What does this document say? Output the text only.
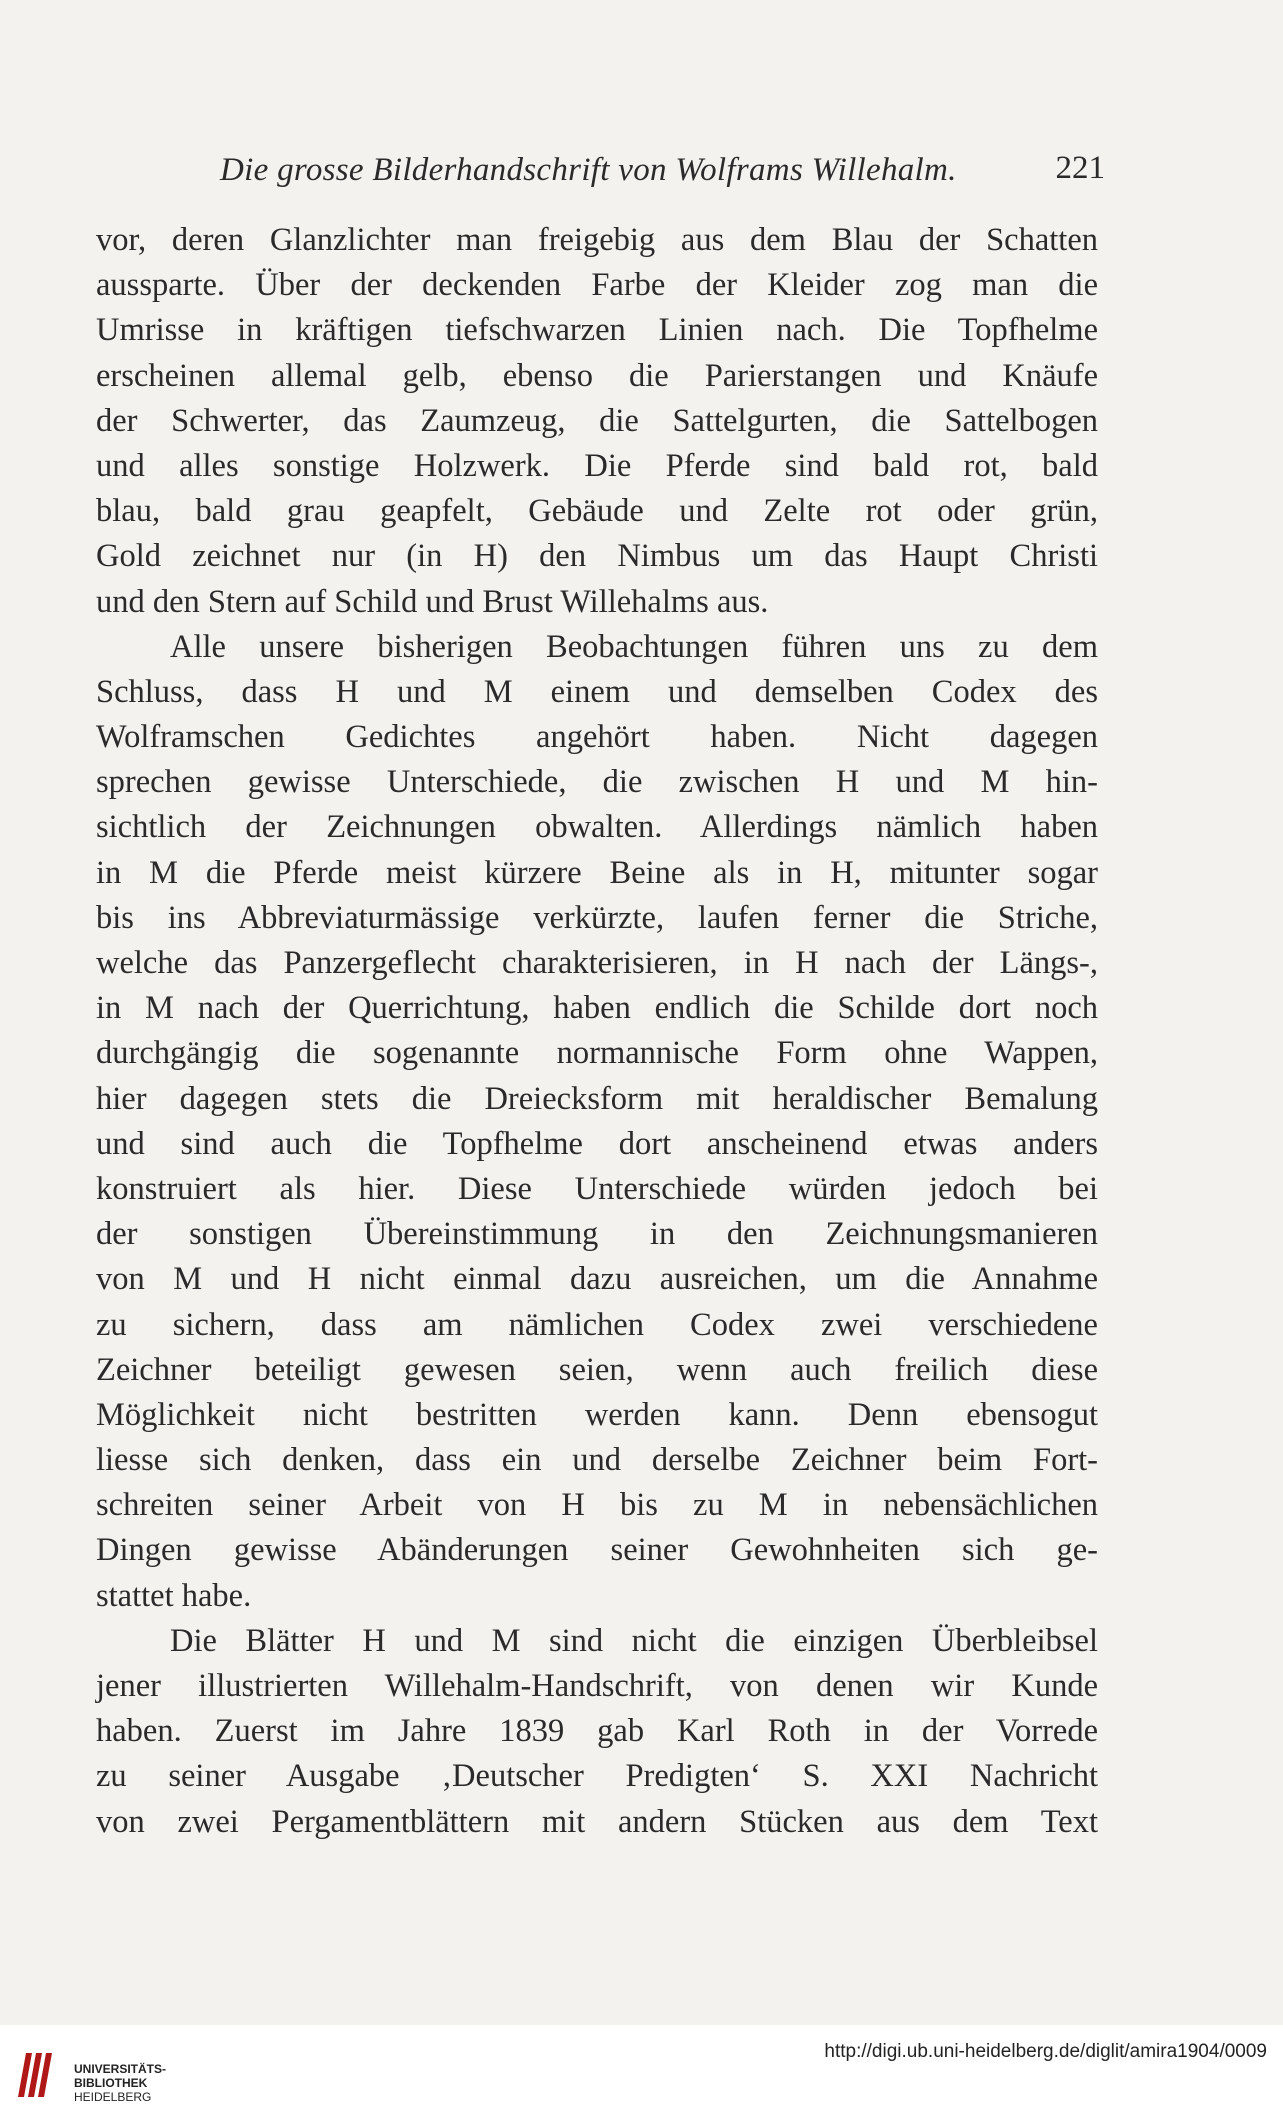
Die grosse Bilderhandschrift von Wolframs Willehalm.	221
vor, deren Glanzlichter man freigebig aus dem Blau der Schatten
aussparte. Über der deckenden Farbe der Kleider zog man die
Umrisse in kräftigen tiefschwarzen Linien nach. Die Topfhelme
erscheinen allemal gelb, ebenso die Parierstangen und Knäufe
der Schwerter, das Zaumzeug, die Sattelgurten, die Sattelbogen
und alles sonstige Holzwerk. Die Pferde sind bald rot, bald
blau, bald grau geapfelt, Gebäude und Zelte rot oder grün,
Gold zeichnet nur (in H) den Nimbus um das Haupt Christi
und den Stern auf Schild und Brust Willehalms aus.
Alle unsere bisherigen Beobachtungen führen uns zu dem
Schluss, dass H und M einem und demselben Codex des
Wolframschen Gedichtes angehört haben. Nicht dagegen
sprechen gewisse Unterschiede, die zwischen H und M hin-
sichtlich der Zeichnungen obwalten. Allerdings nämlich haben
in M die Pferde meist kürzere Beine als in H, mitunter sogar
bis ins Abbreviaturmässige verkürzte, laufen ferner die Striche,
welche das Panzergeflecht charakterisieren, in H nach der Längs-,
in M nach der Querrichtung, haben endlich die Schilde dort noch
durchgängig die sogenannte normannische Form ohne Wappen,
hier dagegen stets die Dreiecksform mit heraldischer Bemalung
und sind auch die Topfhelme dort anscheinend etwas anders
konstruiert als hier. Diese Unterschiede würden jedoch bei
der sonstigen Übereinstimmung in den Zeichnungsmanieren
von M und H nicht einmal dazu ausreichen, um die Annahme
zu sichern, dass am nämlichen Codex zwei verschiedene
Zeichner beteiligt gewesen seien, wenn auch freilich diese
Möglichkeit nicht bestritten werden kann. Denn ebensogut
liesse sich denken, dass ein und derselbe Zeichner beim Fort-
schreiten seiner Arbeit von H bis zu M in nebensächlichen
Dingen gewisse Abänderungen seiner Gewohnheiten sich ge-
stattet habe.
Die Blätter H und M sind nicht die einzigen Überbleibsel
jener illustrierten Willehalm-Handschrift, von denen wir Kunde
haben. Zuerst im Jahre 1839 gab Karl Roth in der Vorrede
zu seiner Ausgabe ‚Deutscher Predigten‘ S. XXI Nachricht
von zwei Pergamentblättern mit andern Stücken aus dem Text
UNIVERSITÄTS-
BIBLIOTHEK
HEIDELBERG
http://digi.ub.uni-heidelberg.de/diglit/amira1904/0009
